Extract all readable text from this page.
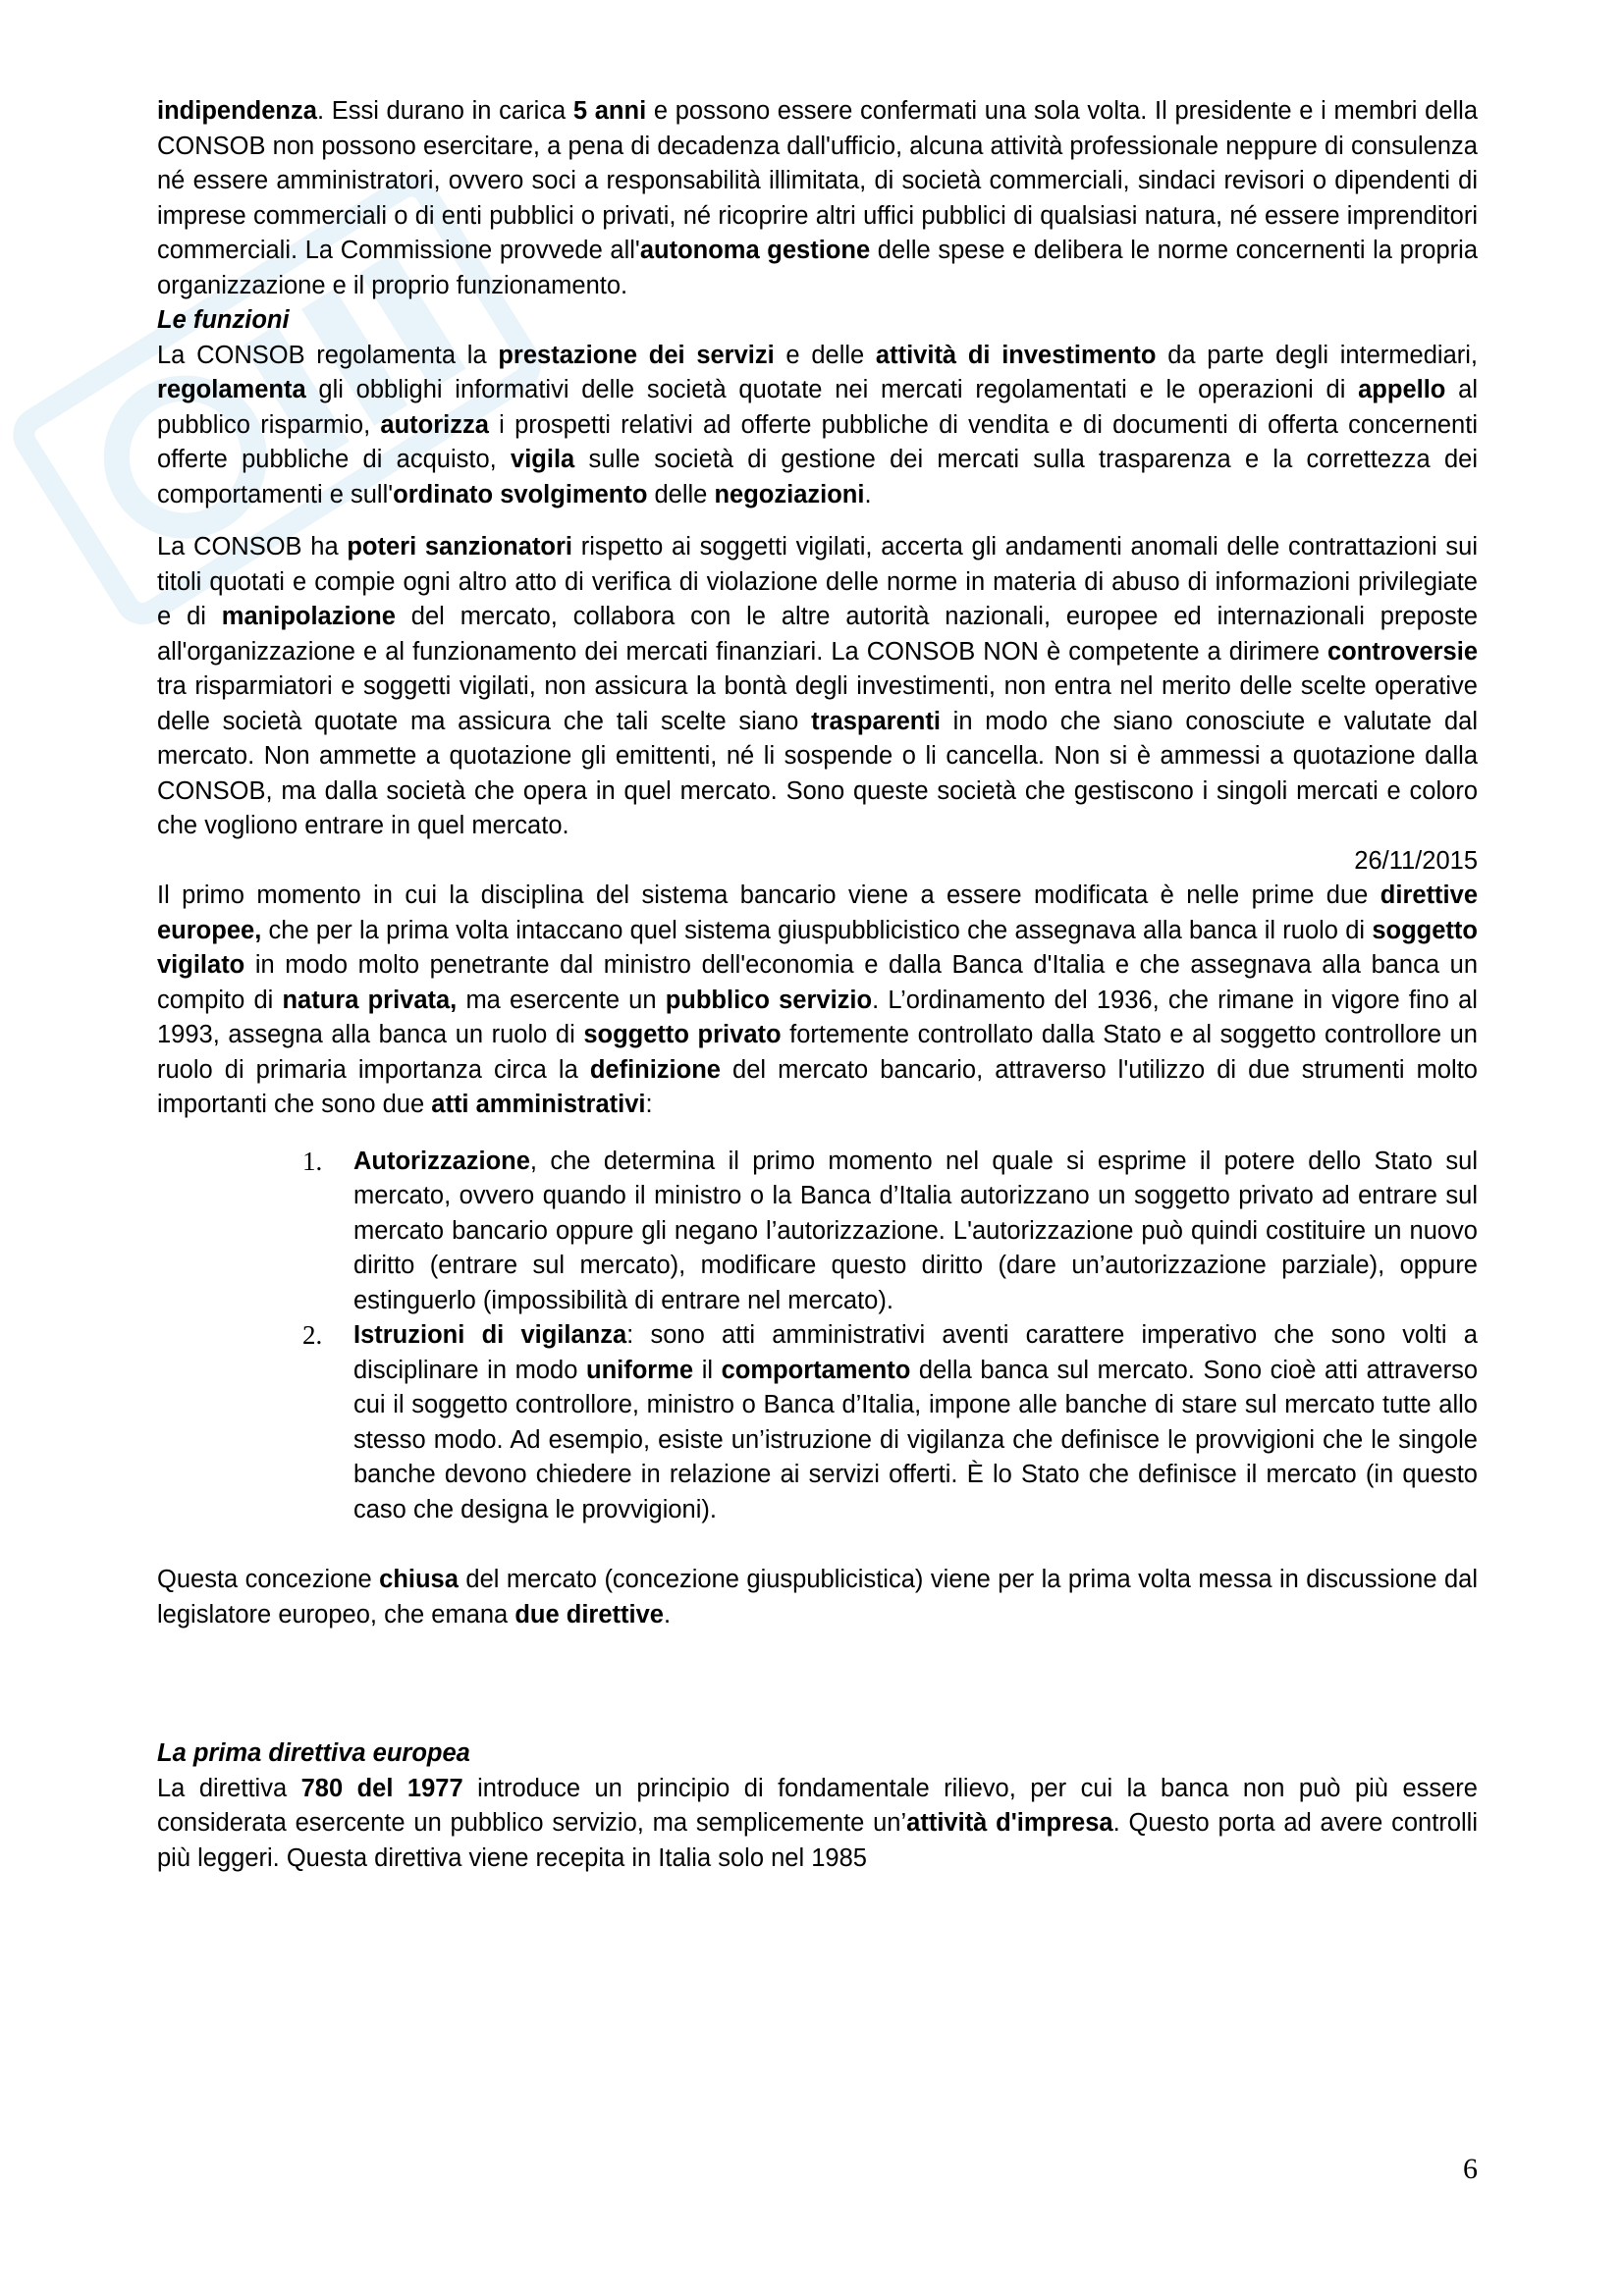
indipendenza. Essi durano in carica 5 anni e possono essere confermati una sola volta. Il presidente e i membri della CONSOB non possono esercitare, a pena di decadenza dall'ufficio, alcuna attività professionale neppure di consulenza né essere amministratori, ovvero soci a responsabilità illimitata, di società commerciali, sindaci revisori o dipendenti di imprese commerciali o di enti pubblici o privati, né ricoprire altri uffici pubblici di qualsiasi natura, né essere imprenditori commerciali. La Commissione provvede all'autonoma gestione delle spese e delibera le norme concernenti la propria organizzazione e il proprio funzionamento.

Le funzioni

La CONSOB regolamenta la prestazione dei servizi e delle attività di investimento da parte degli intermediari, regolamenta gli obblighi informativi delle società quotate nei mercati regolamentati e le operazioni di appello al pubblico risparmio, autorizza i prospetti relativi ad offerte pubbliche di vendita e di documenti di offerta concernenti offerte pubbliche di acquisto, vigila sulle società di gestione dei mercati sulla trasparenza e la correttezza dei comportamenti e sull'ordinato svolgimento delle negoziazioni.

La CONSOB ha poteri sanzionatori rispetto ai soggetti vigilati, accerta gli andamenti anomali delle contrattazioni sui titoli quotati e compie ogni altro atto di verifica di violazione delle norme in materia di abuso di informazioni privilegiate e di manipolazione del mercato, collabora con le altre autorità nazionali, europee ed internazionali preposte all'organizzazione e al funzionamento dei mercati finanziari. La CONSOB NON è competente a dirimere controversie tra risparmiatori e soggetti vigilati, non assicura la bontà degli investimenti, non entra nel merito delle scelte operative delle società quotate ma assicura che tali scelte siano trasparenti in modo che siano conosciute e valutate dal mercato. Non ammette a quotazione gli emittenti, né li sospende o li cancella. Non si è ammessi a quotazione dalla CONSOB, ma dalla società che opera in quel mercato. Sono queste società che gestiscono i singoli mercati e coloro che vogliono entrare in quel mercato.

26/11/2015

Il primo momento in cui la disciplina del sistema bancario viene a essere modificata è nelle prime due direttive europee, che per la prima volta intaccano quel sistema giuspubblicistico che assegnava alla banca il ruolo di soggetto vigilato in modo molto penetrante dal ministro dell'economia e dalla Banca d'Italia e che assegnava alla banca un compito di natura privata, ma esercente un pubblico servizio. L’ordinamento del 1936, che rimane in vigore fino al 1993, assegna alla banca un ruolo di soggetto privato fortemente controllato dalla Stato e al soggetto controllore un ruolo di primaria importanza circa la definizione del mercato bancario, attraverso l'utilizzo di due strumenti molto importanti che sono due atti amministrativi:

1. Autorizzazione, che determina il primo momento nel quale si esprime il potere dello Stato sul mercato, ovvero quando il ministro o la Banca d’Italia autorizzano un soggetto privato ad entrare sul mercato bancario oppure gli negano l’autorizzazione. L'autorizzazione può quindi costituire un nuovo diritto (entrare sul mercato), modificare questo diritto (dare un’autorizzazione parziale), oppure estinguerlo (impossibilità di entrare nel mercato).
2. Istruzioni di vigilanza: sono atti amministrativi aventi carattere imperativo che sono volti a disciplinare in modo uniforme il comportamento della banca sul mercato. Sono cioè atti attraverso cui il soggetto controllore, ministro o Banca d’Italia, impone alle banche di stare sul mercato tutte allo stesso modo. Ad esempio, esiste un’istruzione di vigilanza che definisce le provvigioni che le singole banche devono chiedere in relazione ai servizi offerti. È lo Stato che definisce il mercato (in questo caso che designa le provvigioni).

Questa concezione chiusa del mercato (concezione giuspublicistica) viene per la prima volta messa in discussione dal legislatore europeo, che emana due direttive.

La prima direttiva europea

La direttiva 780 del 1977 introduce un principio di fondamentale rilievo, per cui la banca non può più essere considerata esercente un pubblico servizio, ma semplicemente un’attività d'impresa. Questo porta ad avere controlli più leggeri. Questa direttiva viene recepita in Italia solo nel 1985

6
